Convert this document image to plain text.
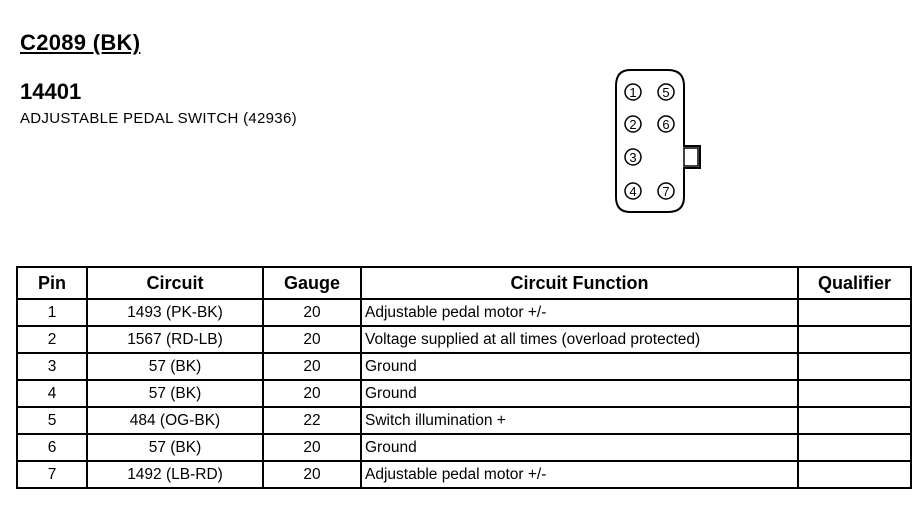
C2089 (BK)
14401
ADJUSTABLE PEDAL SWITCH (42936)
1
2
3
4
5
6
7
Pin	Circuit	Gauge	Circuit Function	Qualifier
1	1493 (PK-BK)	20	Adjustable pedal motor +/-	
2	1567 (RD-LB)	20	Voltage supplied at all times (overload protected)	
3	57 (BK)	20	Ground	
4	57 (BK)	20	Ground	
5	484 (OG-BK)	22	Switch illumination +	
6	57 (BK)	20	Ground	
7	1492 (LB-RD)	20	Adjustable pedal motor +/-	
